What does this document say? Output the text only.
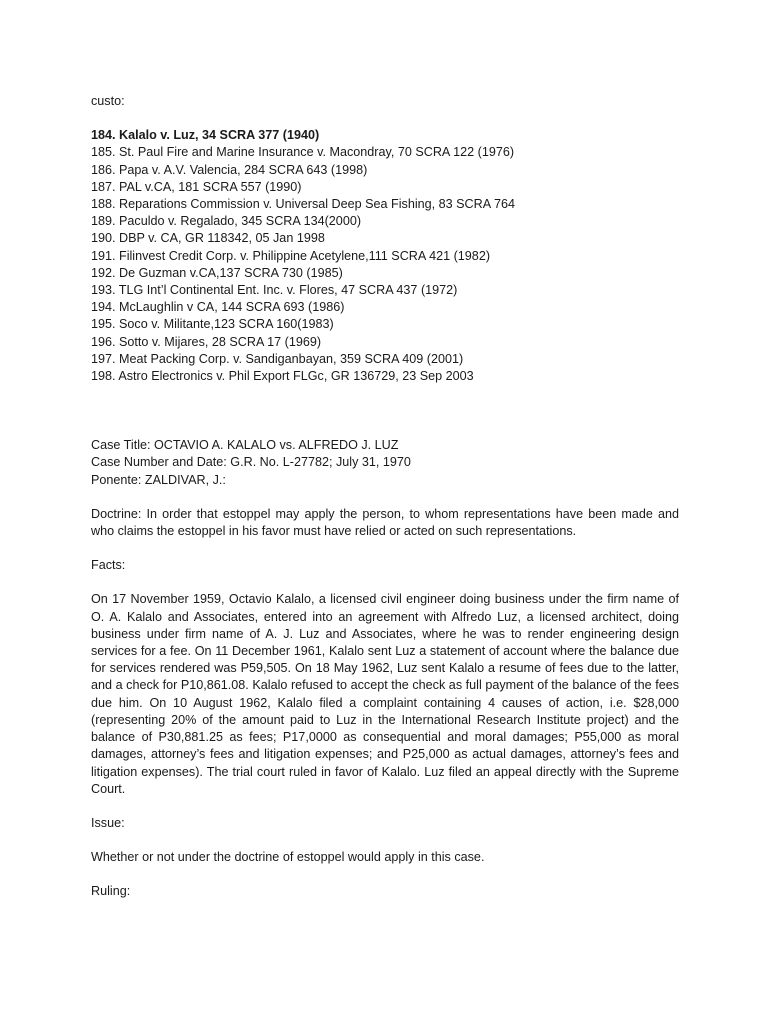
custo:

184. Kalalo v. Luz, 34 SCRA 377 (1940)

185. St. Paul Fire and Marine Insurance v. Macondray, 70 SCRA 122 (1976)

186. Papa v. A.V. Valencia, 284 SCRA 643 (1998)

187. PAL v.CA, 181 SCRA 557 (1990)

188. Reparations Commission v. Universal Deep Sea Fishing, 83 SCRA 764

189. Paculdo v. Regalado, 345 SCRA 134(2000)

190. DBP v. CA, GR 118342, 05 Jan 1998

191. Filinvest Credit Corp. v. Philippine Acetylene,111 SCRA 421 (1982)

192. De Guzman v.CA,137 SCRA 730 (1985)

193. TLG Int’l Continental Ent. Inc. v. Flores, 47 SCRA 437 (1972)

194. McLaughlin v CA, 144 SCRA 693 (1986)

195. Soco v. Militante,123 SCRA 160(1983)

196. Sotto v. Mijares, 28 SCRA 17 (1969)

197. Meat Packing Corp. v. Sandiganbayan, 359 SCRA 409 (2001)

198. Astro Electronics v. Phil Export FLGc, GR 136729, 23 Sep 2003

Case Title: OCTAVIO A. KALALO vs. ALFREDO J. LUZ

Case Number and Date: G.R. No. L-27782; July 31, 1970

Ponente: ZALDIVAR, J.:

Doctrine: In order that estoppel may apply the person, to whom representations have been made and who claims the estoppel in his favor must have relied or acted on such representations.

Facts:

On 17 November 1959, Octavio Kalalo, a licensed civil engineer doing business under the firm name of O. A. Kalalo and Associates, entered into an agreement with Alfredo Luz, a licensed architect, doing business under firm name of A. J. Luz and Associates, where he was to render engineering design services for a fee. On 11 December 1961, Kalalo sent Luz a statement of account where the balance due for services rendered was P59,505. On 18 May 1962, Luz sent Kalalo a resume of fees due to the latter, and a check for P10,861.08. Kalalo refused to accept the check as full payment of the balance of the fees due him. On 10 August 1962, Kalalo filed a complaint containing 4 causes of action, i.e. $28,000 (representing 20% of the amount paid to Luz in the International Research Institute project) and the balance of P30,881.25 as fees; P17,0000 as consequential and moral damages; P55,000 as moral damages, attorney’s fees and litigation expenses; and P25,000 as actual damages, attorney’s fees and litigation expenses). The trial court ruled in favor of Kalalo. Luz filed an appeal directly with the Supreme Court.

Issue:

Whether or not under the doctrine of estoppel would apply in this case.

Ruling:
